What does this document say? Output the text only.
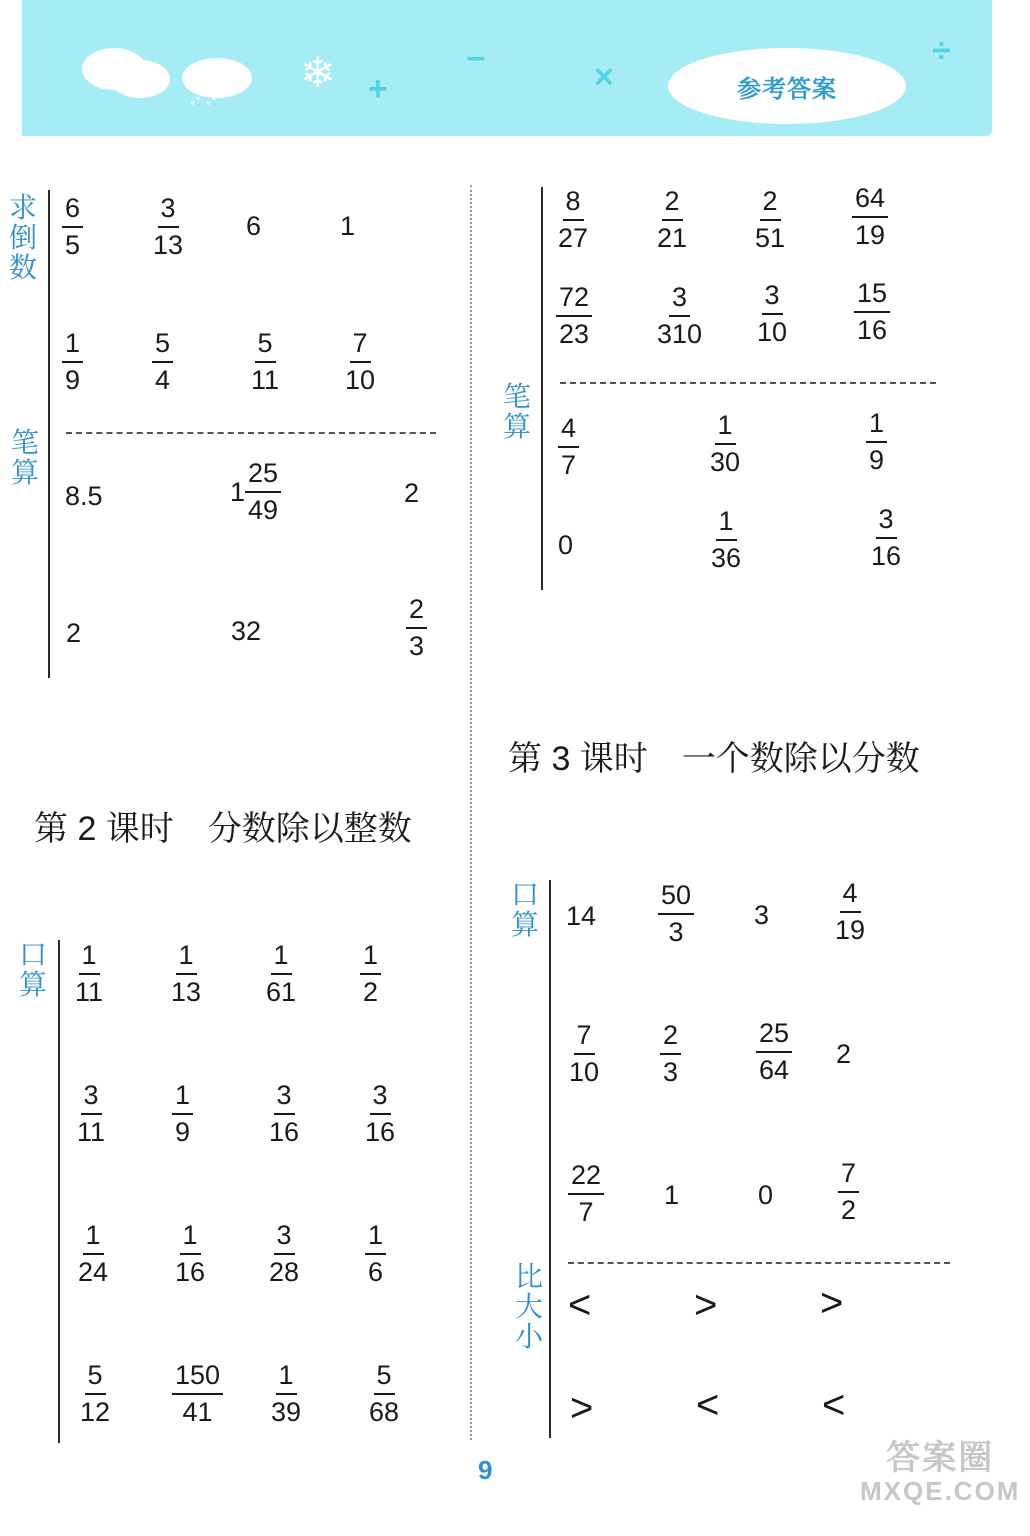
⋰⋰
❄ +
−	×
÷
参考答案
求倒数
笔算
$\frac{6}{5} \frac{3}{13} 6$	1
$\frac{1}{9}$	$\frac{5}{4}$	$\frac{5}{11} \frac{7}{10}$
8.5	$1 \frac{25}{49}$	2
2	32	$\frac{2}{3}$
第 2 课时　分数除以整数
口算 $\frac{1}{11} \frac{1}{13} \frac{1}{61} \frac{1}{2}$
$\frac{3}{11} \frac{1}{9}$	$\frac{3}{16} \frac{3}{16}$
$\frac{1}{24} \frac{1}{16} \frac{3}{28} \frac{1}{6}$
$\frac{5}{12} \frac{150}{41} \frac{1}{39} \frac{5}{68}$
笔算
$\frac{8}{27} \frac{2}{21} \frac{2}{51} \frac{64}{19}$
$\frac{72}{23} \frac{3}{310} \frac{3}{10} \frac{15}{16}$
$\frac{4}{7}$	$\frac{1}{30}$	$\frac{1}{9}$
0	$\frac{1}{36}$	$\frac{3}{16}$
第 3 课时　一个数除以分数
口算
比大小
$14 \frac{50}{3} 3 \frac{4}{19}$
$\frac{7}{10} \frac{2}{3}$	$\frac{25}{64} 2$
$\frac{22}{7} 1$	$0 \frac{7}{2}$
<	>	>
>	<	<
9	答案圈
MXQE.COM
